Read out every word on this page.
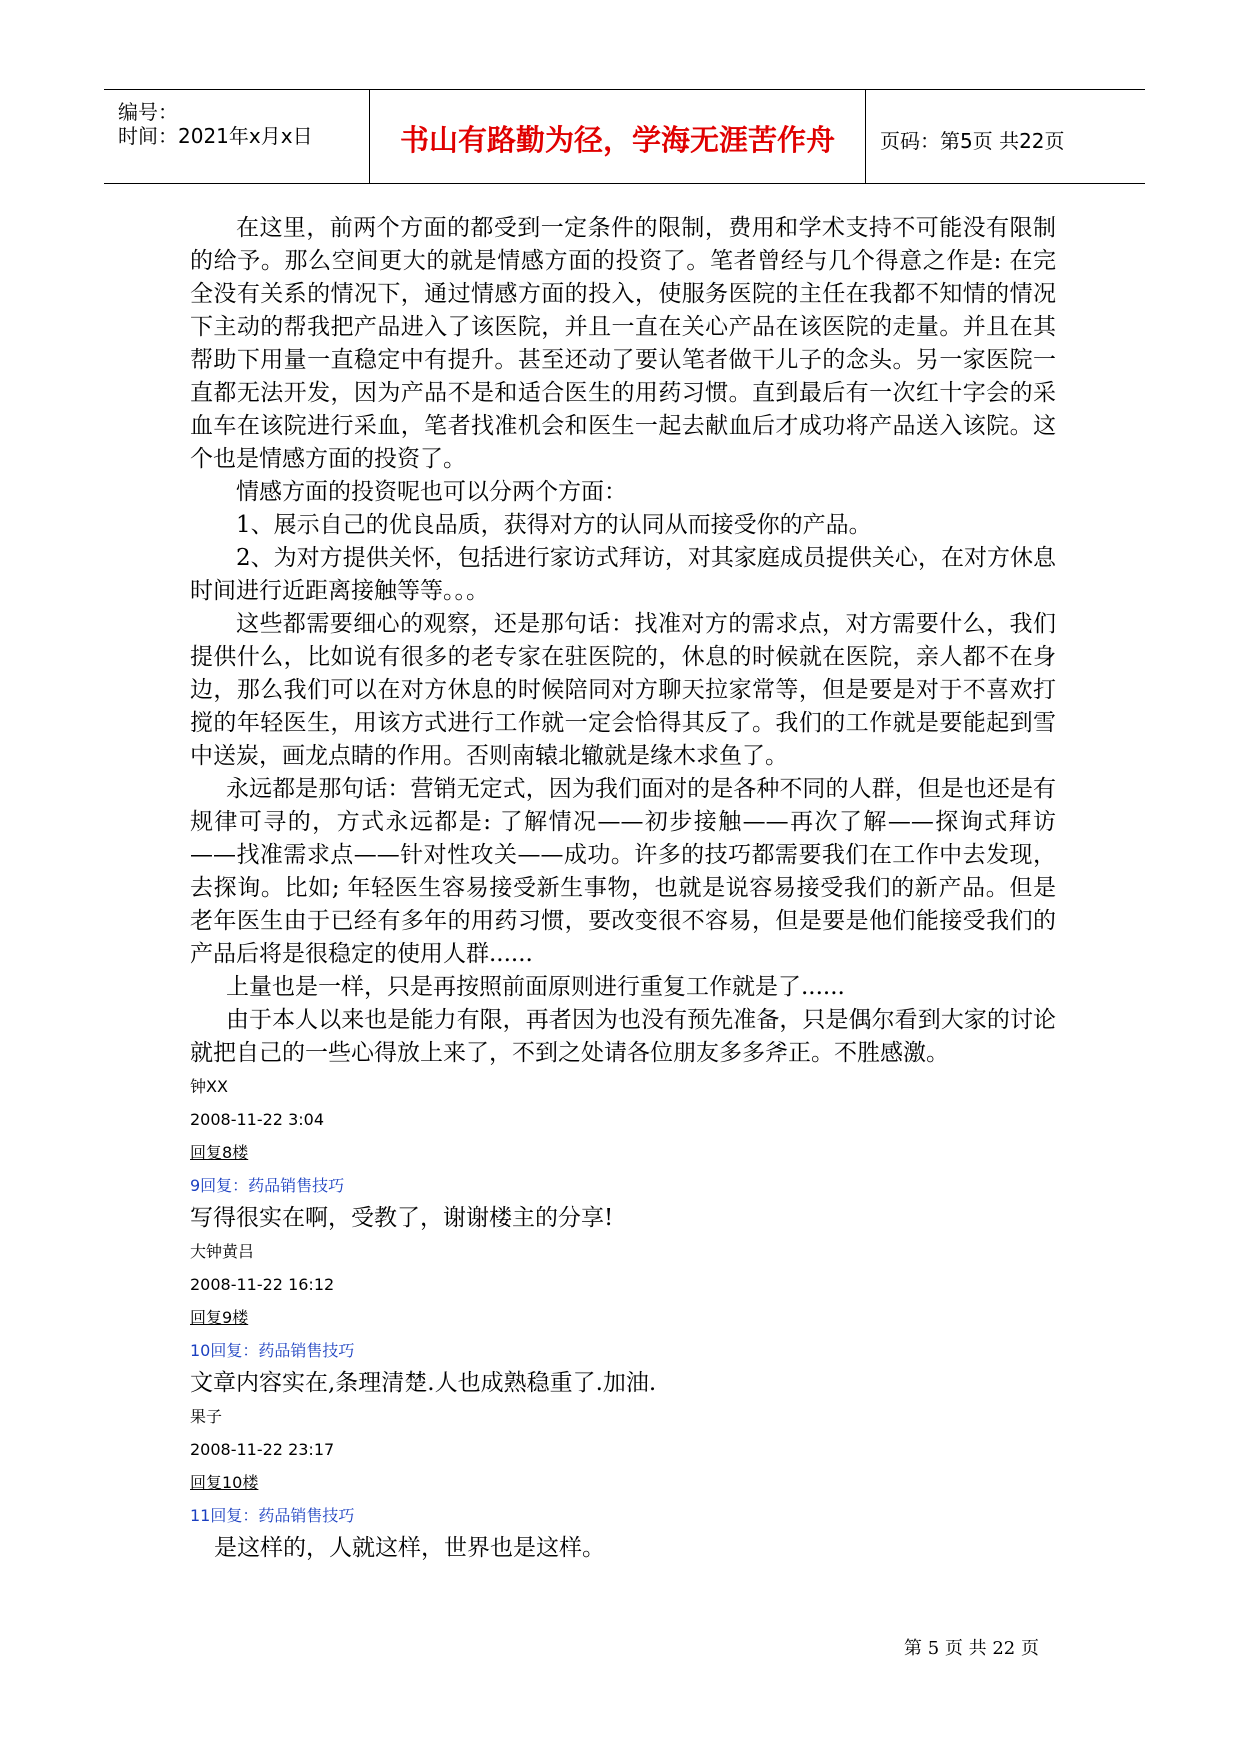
编号：
时间：2021年x月x日	书山有路勤为径，学海无涯苦作舟	页码：第5页 共22页

在这里，前两个方面的都受到一定条件的限制，费用和学术支持不可能没有限制的给予。那么空间更大的就是情感方面的投资了。笔者曾经与几个得意之作是: 在完全没有关系的情况下，通过情感方面的投入，使服务医院的主任在我都不知情的情况下主动的帮我把产品进入了该医院，并且一直在关心产品在该医院的走量。并且在其帮助下用量一直稳定中有提升。甚至还动了要认笔者做干儿子的念头。另一家医院一直都无法开发，因为产品不是和适合医生的用药习惯。直到最后有一次红十字会的采血车在该院进行采血，笔者找准机会和医生一起去献血后才成功将产品送入该院。这个也是情感方面的投资了。

情感方面的投资呢也可以分两个方面：

1、展示自己的优良品质，获得对方的认同从而接受你的产品。

2、为对方提供关怀，包括进行家访式拜访，对其家庭成员提供关心，在对方休息时间进行近距离接触等等。。。

这些都需要细心的观察，还是那句话：找准对方的需求点，对方需要什么，我们提供什么，比如说有很多的老专家在驻医院的，休息的时候就在医院，亲人都不在身边，那么我们可以在对方休息的时候陪同对方聊天拉家常等，但是要是对于不喜欢打搅的年轻医生，用该方式进行工作就一定会恰得其反了。我们的工作就是要能起到雪中送炭，画龙点睛的作用。否则南辕北辙就是缘木求鱼了。

永远都是那句话：营销无定式，因为我们面对的是各种不同的人群，但是也还是有规律可寻的，方式永远都是: 了解情况——初步接触——再次了解——探询式拜访——找准需求点——针对性攻关——成功。许多的技巧都需要我们在工作中去发现，去探询。比如; 年轻医生容易接受新生事物，也就是说容易接受我们的新产品。但是老年医生由于已经有多年的用药习惯，要改变很不容易，但是要是他们能接受我们的产品后将是很稳定的使用人群......

上量也是一样，只是再按照前面原则进行重复工作就是了......

由于本人以来也是能力有限，再者因为也没有预先准备，只是偶尔看到大家的讨论就把自己的一些心得放上来了，不到之处请各位朋友多多斧正。不胜感激。

钟XX

2008-11-22 3:04

回复8楼

9回复：药品销售技巧

写得很实在啊，受教了，谢谢楼主的分享!

大钟黄吕

2008-11-22 16:12

回复9楼

10回复：药品销售技巧

文章内容实在,条理清楚.人也成熟稳重了.加油.

果子

2008-11-22 23:17

回复10楼

11回复：药品销售技巧

是这样的，人就这样，世界也是这样。

第 5 页 共 22 页
